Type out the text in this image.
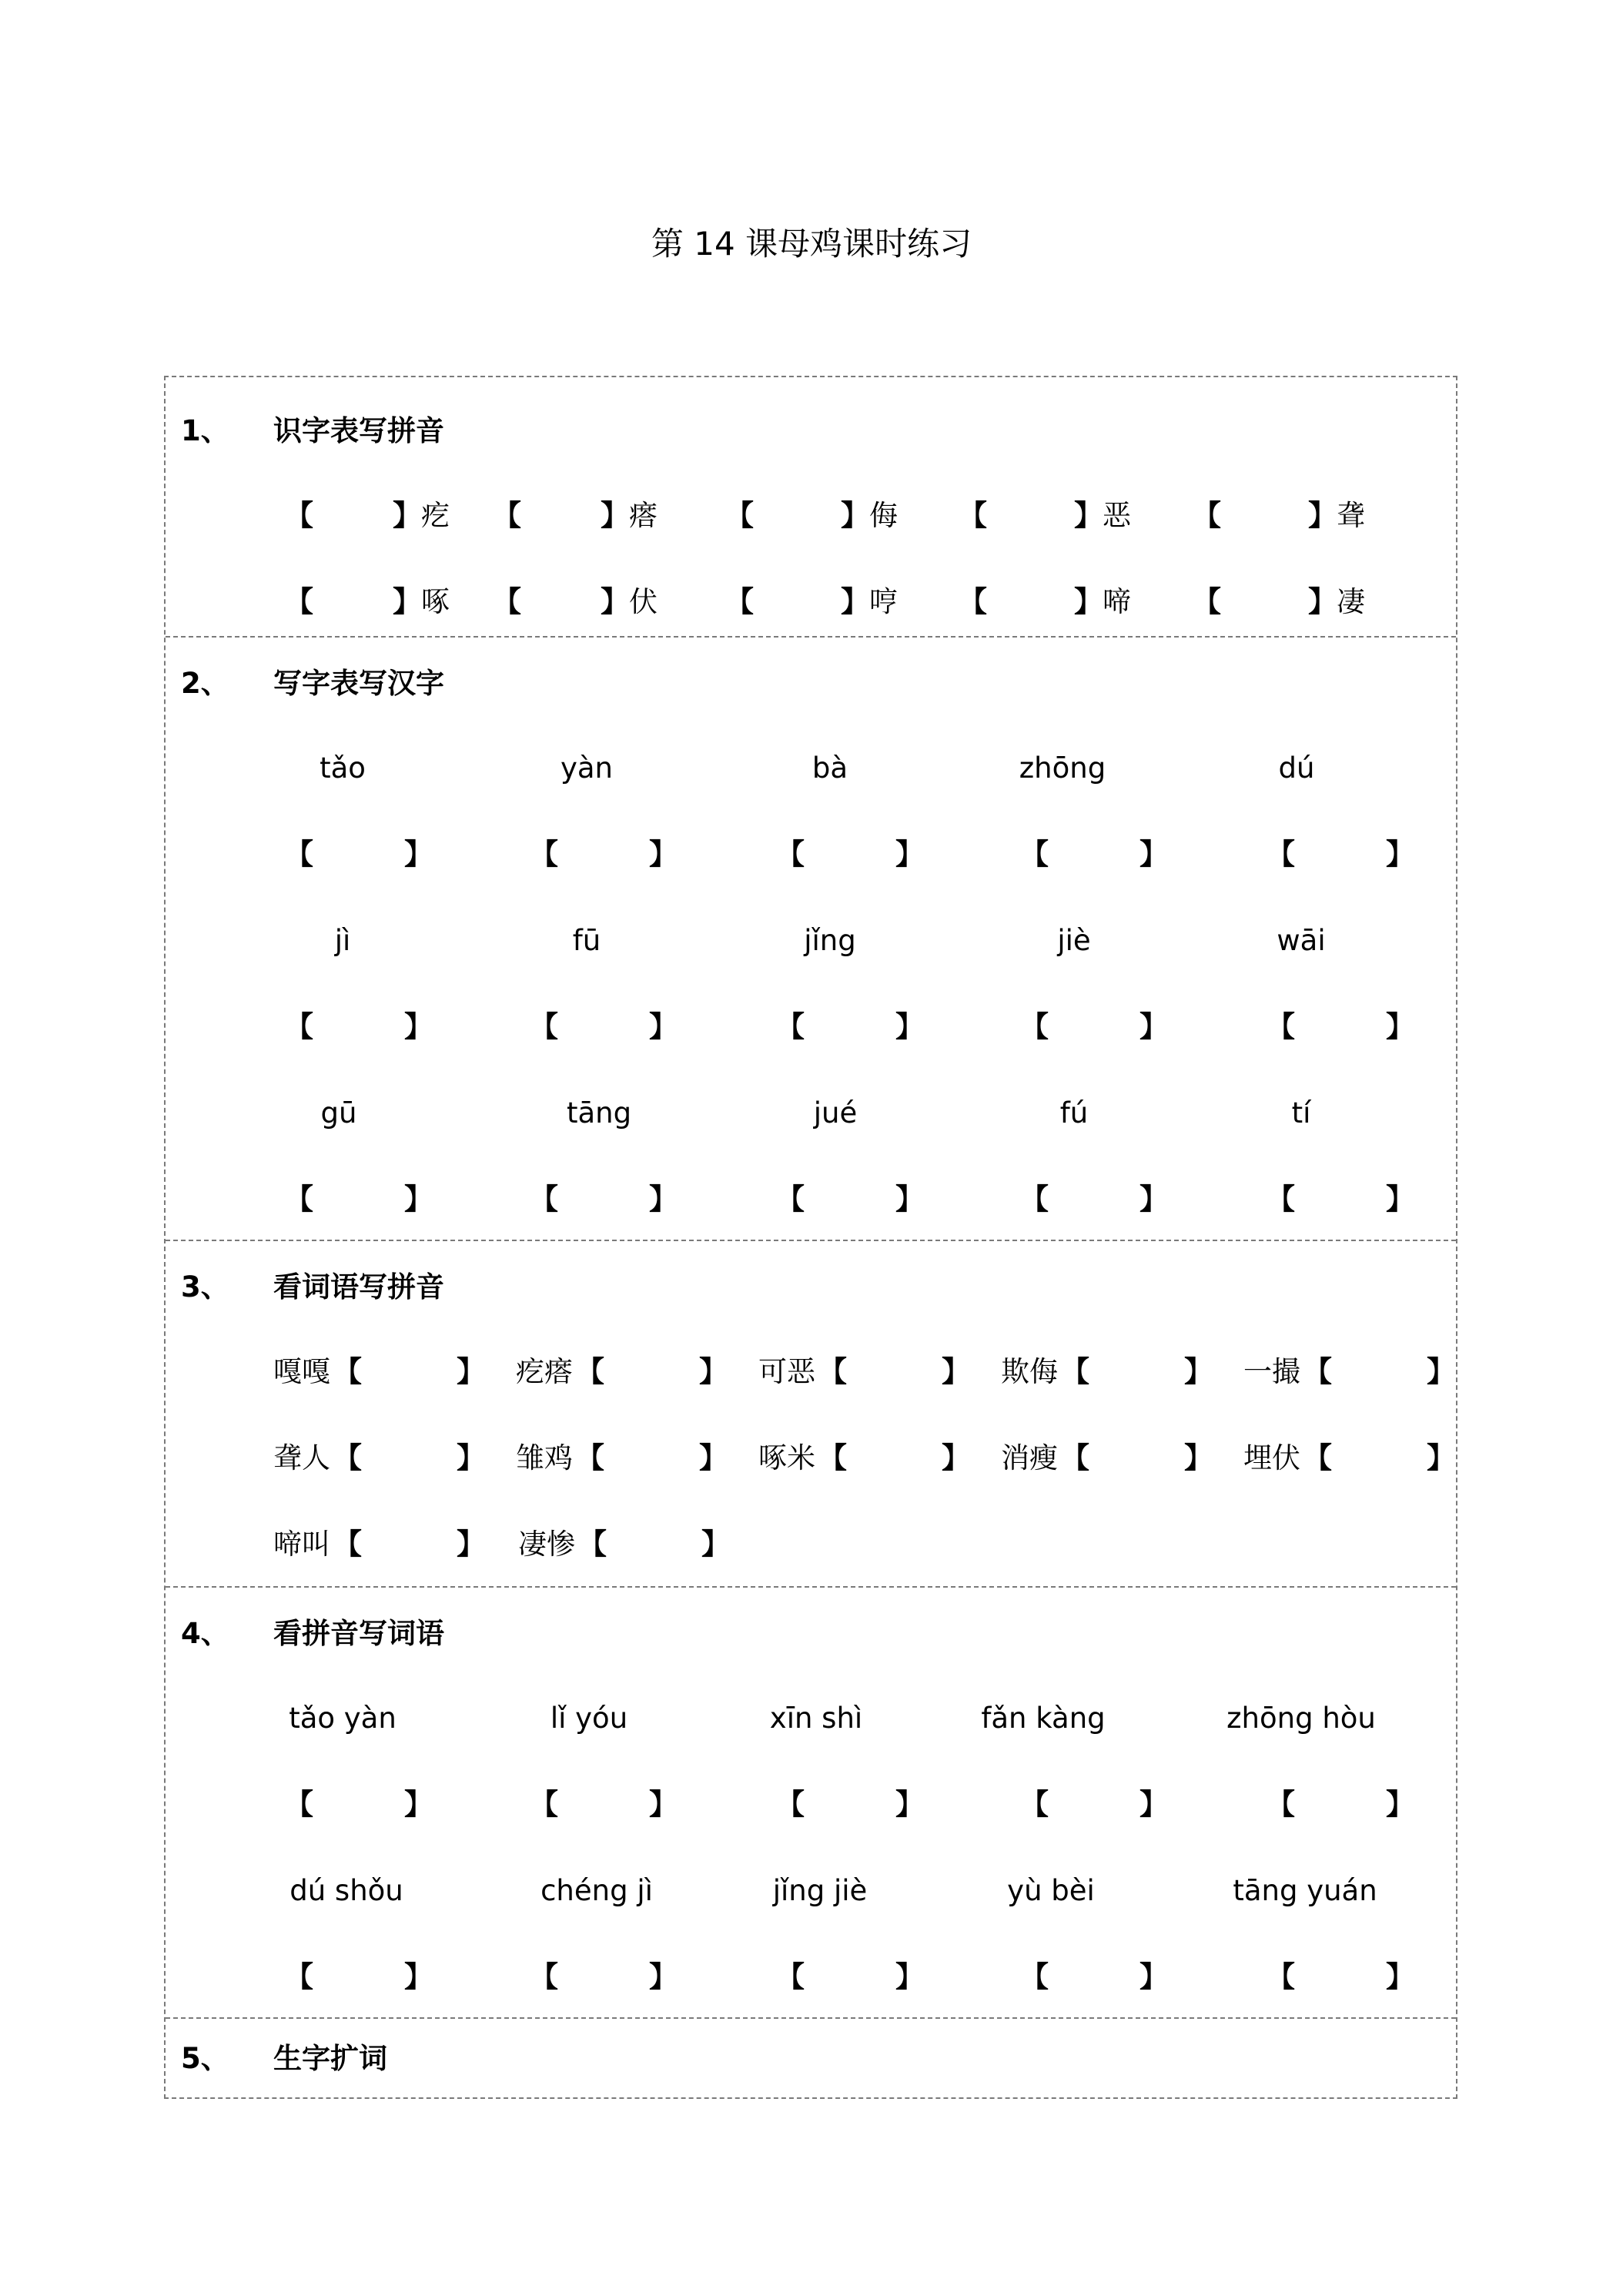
第 14 课母鸡课时练习
1、 识字表写拼音
【	】 疙 【	】 瘩 【	】 侮 【	】 恶 【	】 聋
【	】 啄 【	】 伏 【	】 哼 【	】 啼 【	】 凄
2、 写字表写汉字
tǎo	yàn	bà	zhōng	dú
【	】	【	】	【	】	【	】	【	】
jì	fū	jǐng	jiè	wāi
【	】	【	】	【	】	【	】	【	】
gū	tāng	jué	fú	tí
【	】	【	】	【	】	【	】	【	】
3、 看词语写拼音
嘎嘎 【	】 疙瘩 【	】 可恶 【	】 欺侮 【	】 一撮 【	】
聋人 【	】 雏鸡 【	】 啄米 【	】 消瘦 【	】 埋伏 【	】
啼叫 【	】 凄惨 【	】
4、 看拼音写词语
tǎo yàn	lǐ yóu	xīn shì	fǎn kàng	zhōng hòu
【	】	【	】	【	】	【	】	【	】
dú shǒu	chéng jì	jǐng jiè	yù bèi	tāng yuán
【	】	【	】	【	】	【	】	【	】
5、 生字扩词
